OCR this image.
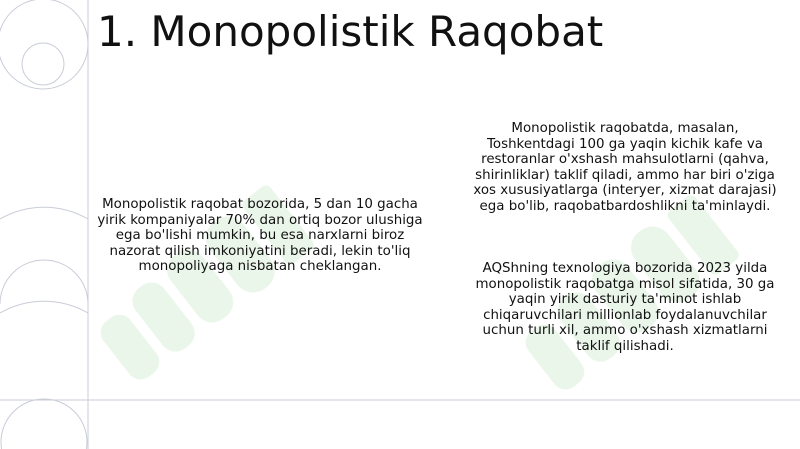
1. Monopolistik Raqobat

Monopolistik raqobat bozorida, 5 dan 10 gacha yirik kompaniyalar 70% dan ortiq bozor ulushiga ega bo'lishi mumkin, bu esa narxlarni biroz nazorat qilish imkoniyatini beradi, lekin to'liq monopoliyaga nisbatan cheklangan.

Monopolistik raqobatda, masalan, Toshkentdagi 100 ga yaqin kichik kafe va restoranlar o'xshash mahsulotlarni (qahva, shirinliklar) taklif qiladi, ammo har biri o'ziga xos xususiyatlarga (interyer, xizmat darajasi) ega bo'lib, raqobatbardoshlikni ta'minlaydi.

AQShning texnologiya bozorida 2023 yilda monopolistik raqobatga misol sifatida, 30 ga yaqin yirik dasturiy ta'minot ishlab chiqaruvchilari millionlab foydalanuvchilar uchun turli xil, ammo o'xshash xizmatlarni taklif qilishadi.
